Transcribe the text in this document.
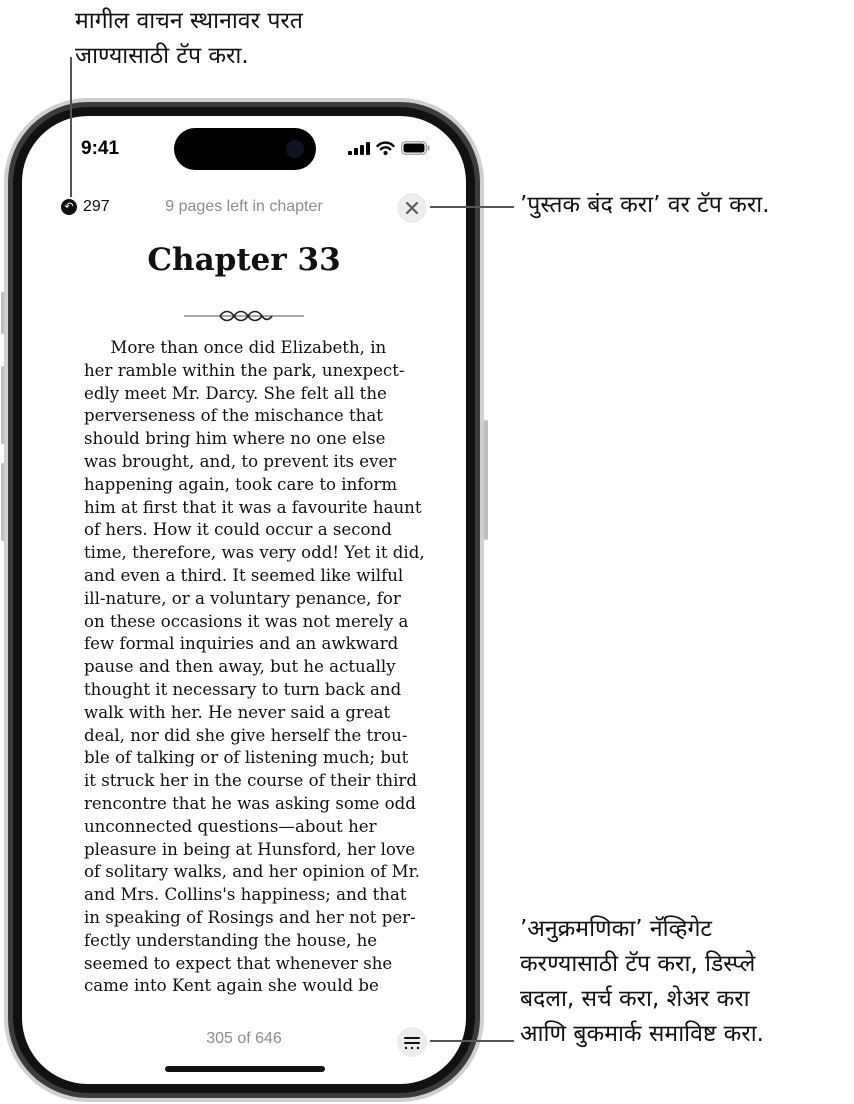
मागील वाचन स्थानावर परत
जाण्यासाठी टॅप करा.
’पुस्तक बंद करा’ वर टॅप करा.
’अनुक्रमणिका’ नॅव्हिगेट
करण्यासाठी टॅप करा, डिस्प्ले
बदला, सर्च करा, शेअर करा
आणि बुकमार्क समाविष्ट करा.
9:41
↶ 297	9 pages left in chapter
Chapter 33
More than once did Elizabeth, in
her ramble within the park, unexpect-
edly meet Mr. Darcy. She felt all the
perverseness of the mischance that
should bring him where no one else
was brought, and, to prevent its ever
happening again, took care to inform
him at first that it was a favourite haunt
of hers. How it could occur a second
time, therefore, was very odd! Yet it did,
and even a third. It seemed like wilful
ill-nature, or a voluntary penance, for
on these occasions it was not merely a
few formal inquiries and an awkward
pause and then away, but he actually
thought it necessary to turn back and
walk with her. He never said a great
deal, nor did she give herself the trou-
ble of talking or of listening much; but
it struck her in the course of their third
rencontre that he was asking some odd
unconnected questions—about her
pleasure in being at Hunsford, her love
of solitary walks, and her opinion of Mr.
and Mrs. Collins's happiness; and that
in speaking of Rosings and her not per-
fectly understanding the house, he
seemed to expect that whenever she
came into Kent again she would be
305 of 646
